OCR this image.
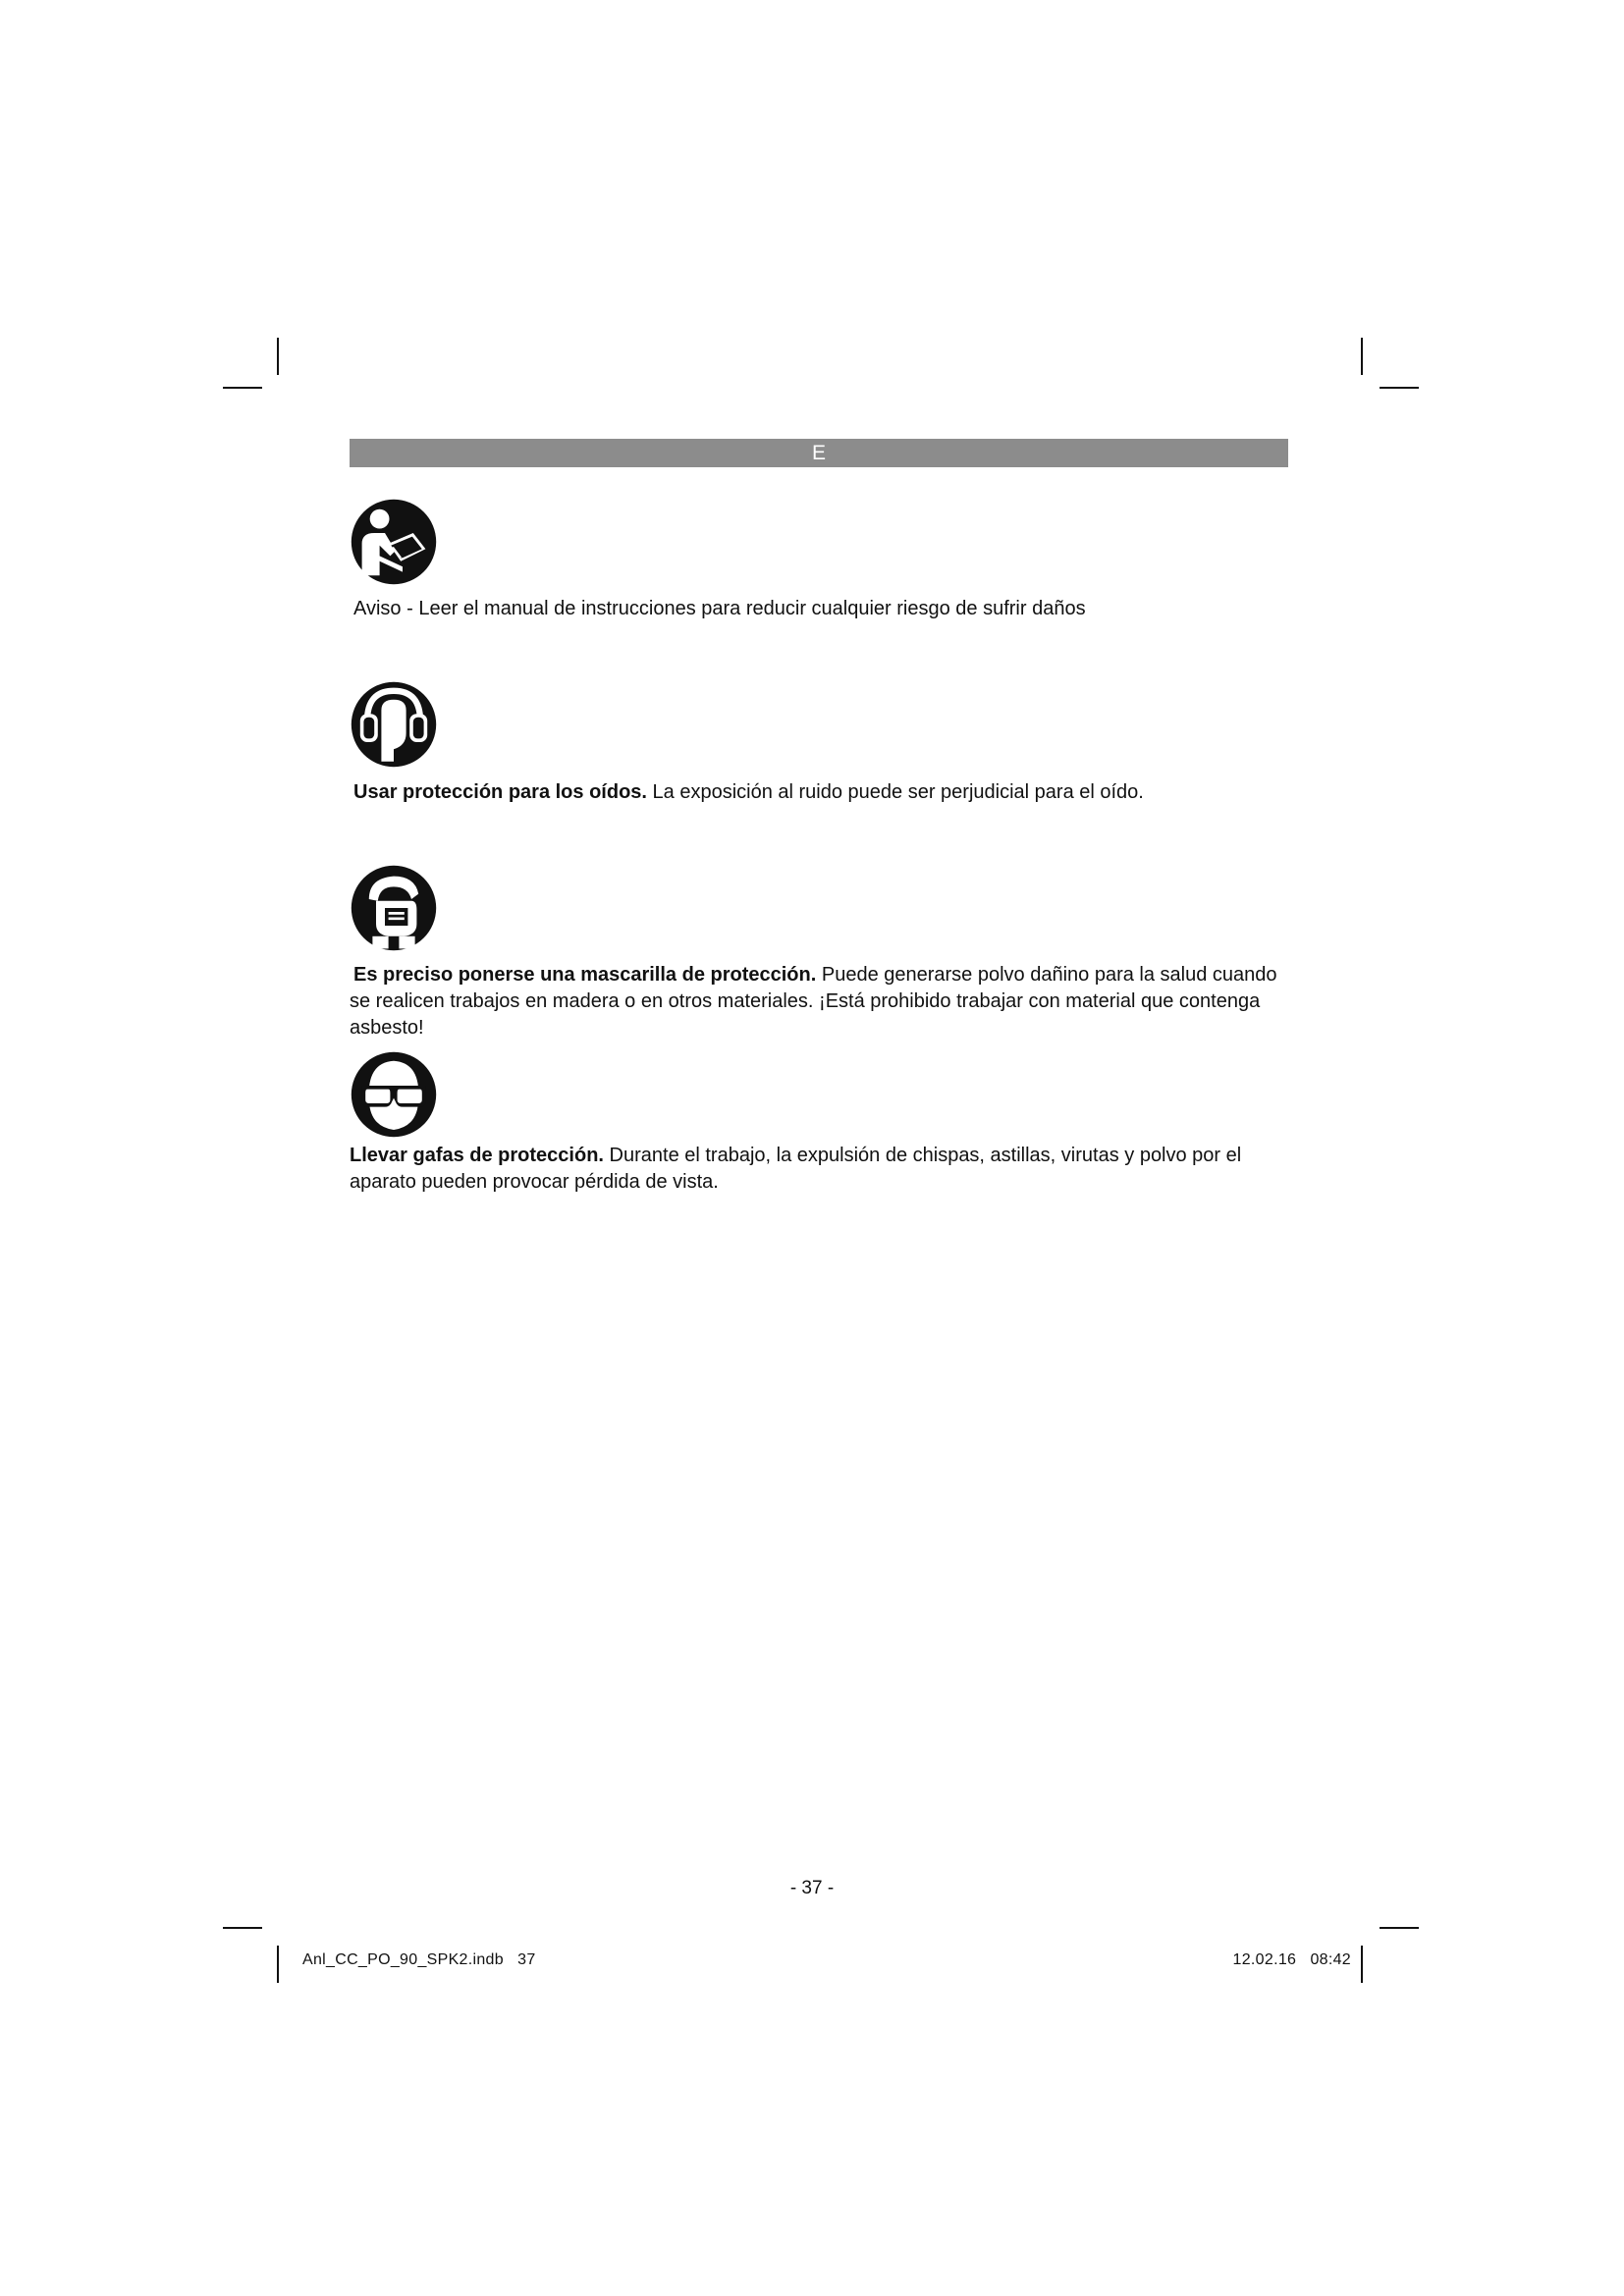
E

Aviso - Leer el manual de instrucciones para reducir cualquier riesgo de sufrir daños

Usar protección para los oídos. La exposición al ruido puede ser perjudicial para el oído.

Es preciso ponerse una mascarilla de protección. Puede generarse polvo dañino para la salud cuando se realicen trabajos en madera o en otros materiales. ¡Está prohibido trabajar con material que contenga asbesto!

Llevar gafas de protección. Durante el trabajo, la expulsión de chispas, astillas, virutas y polvo por el aparato pueden provocar pérdida de vista.

- 37 -
Anl_CC_PO_90_SPK2.indb   37	12.02.16   08:42
